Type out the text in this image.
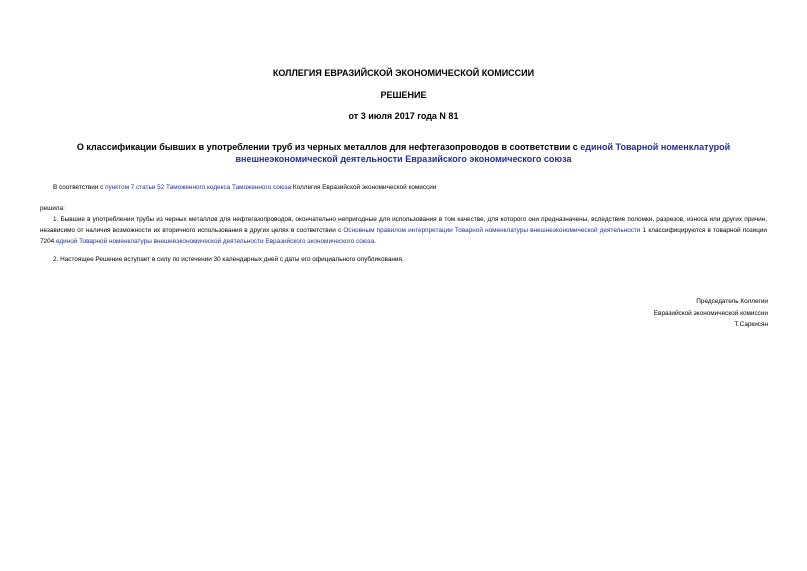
КОЛЛЕГИЯ ЕВРАЗИЙСКОЙ ЭКОНОМИЧЕСКОЙ КОМИССИИ
РЕШЕНИЕ
от 3 июля 2017 года N 81
О классификации бывших в употреблении труб из черных металлов для нефтегазопроводов в соответствии с единой Товарной номенклатурой внешнеэкономической деятельности Евразийского экономического союза

В соответствии с пунктом 7 статьи 52 Таможенного кодекса Таможенного союза Коллегия Евразийской экономической комиссии

решила:

1. Бывшие в употреблении трубы из черных металлов для нефтегазопроводов, окончательно непригодные для использования в том качестве, для которого они предназначены, вследствие поломки, разрезов, износа или других причин, независимо от наличия возможности их вторичного использования в других целях в соответствии с Основным правилом интерпретации Товарной номенклатуры внешнеэкономической деятельности 1 классифицируются в товарной позиции 7204 единой Товарной номенклатуры внешнеэкономической деятельности Евразийского экономического союза.

2. Настоящее Решение вступает в силу по истечении 30 календарных дней с даты его официального опубликования.

Председатель Коллегии
Евразийской экономической комиссии
Т.Саркисян
